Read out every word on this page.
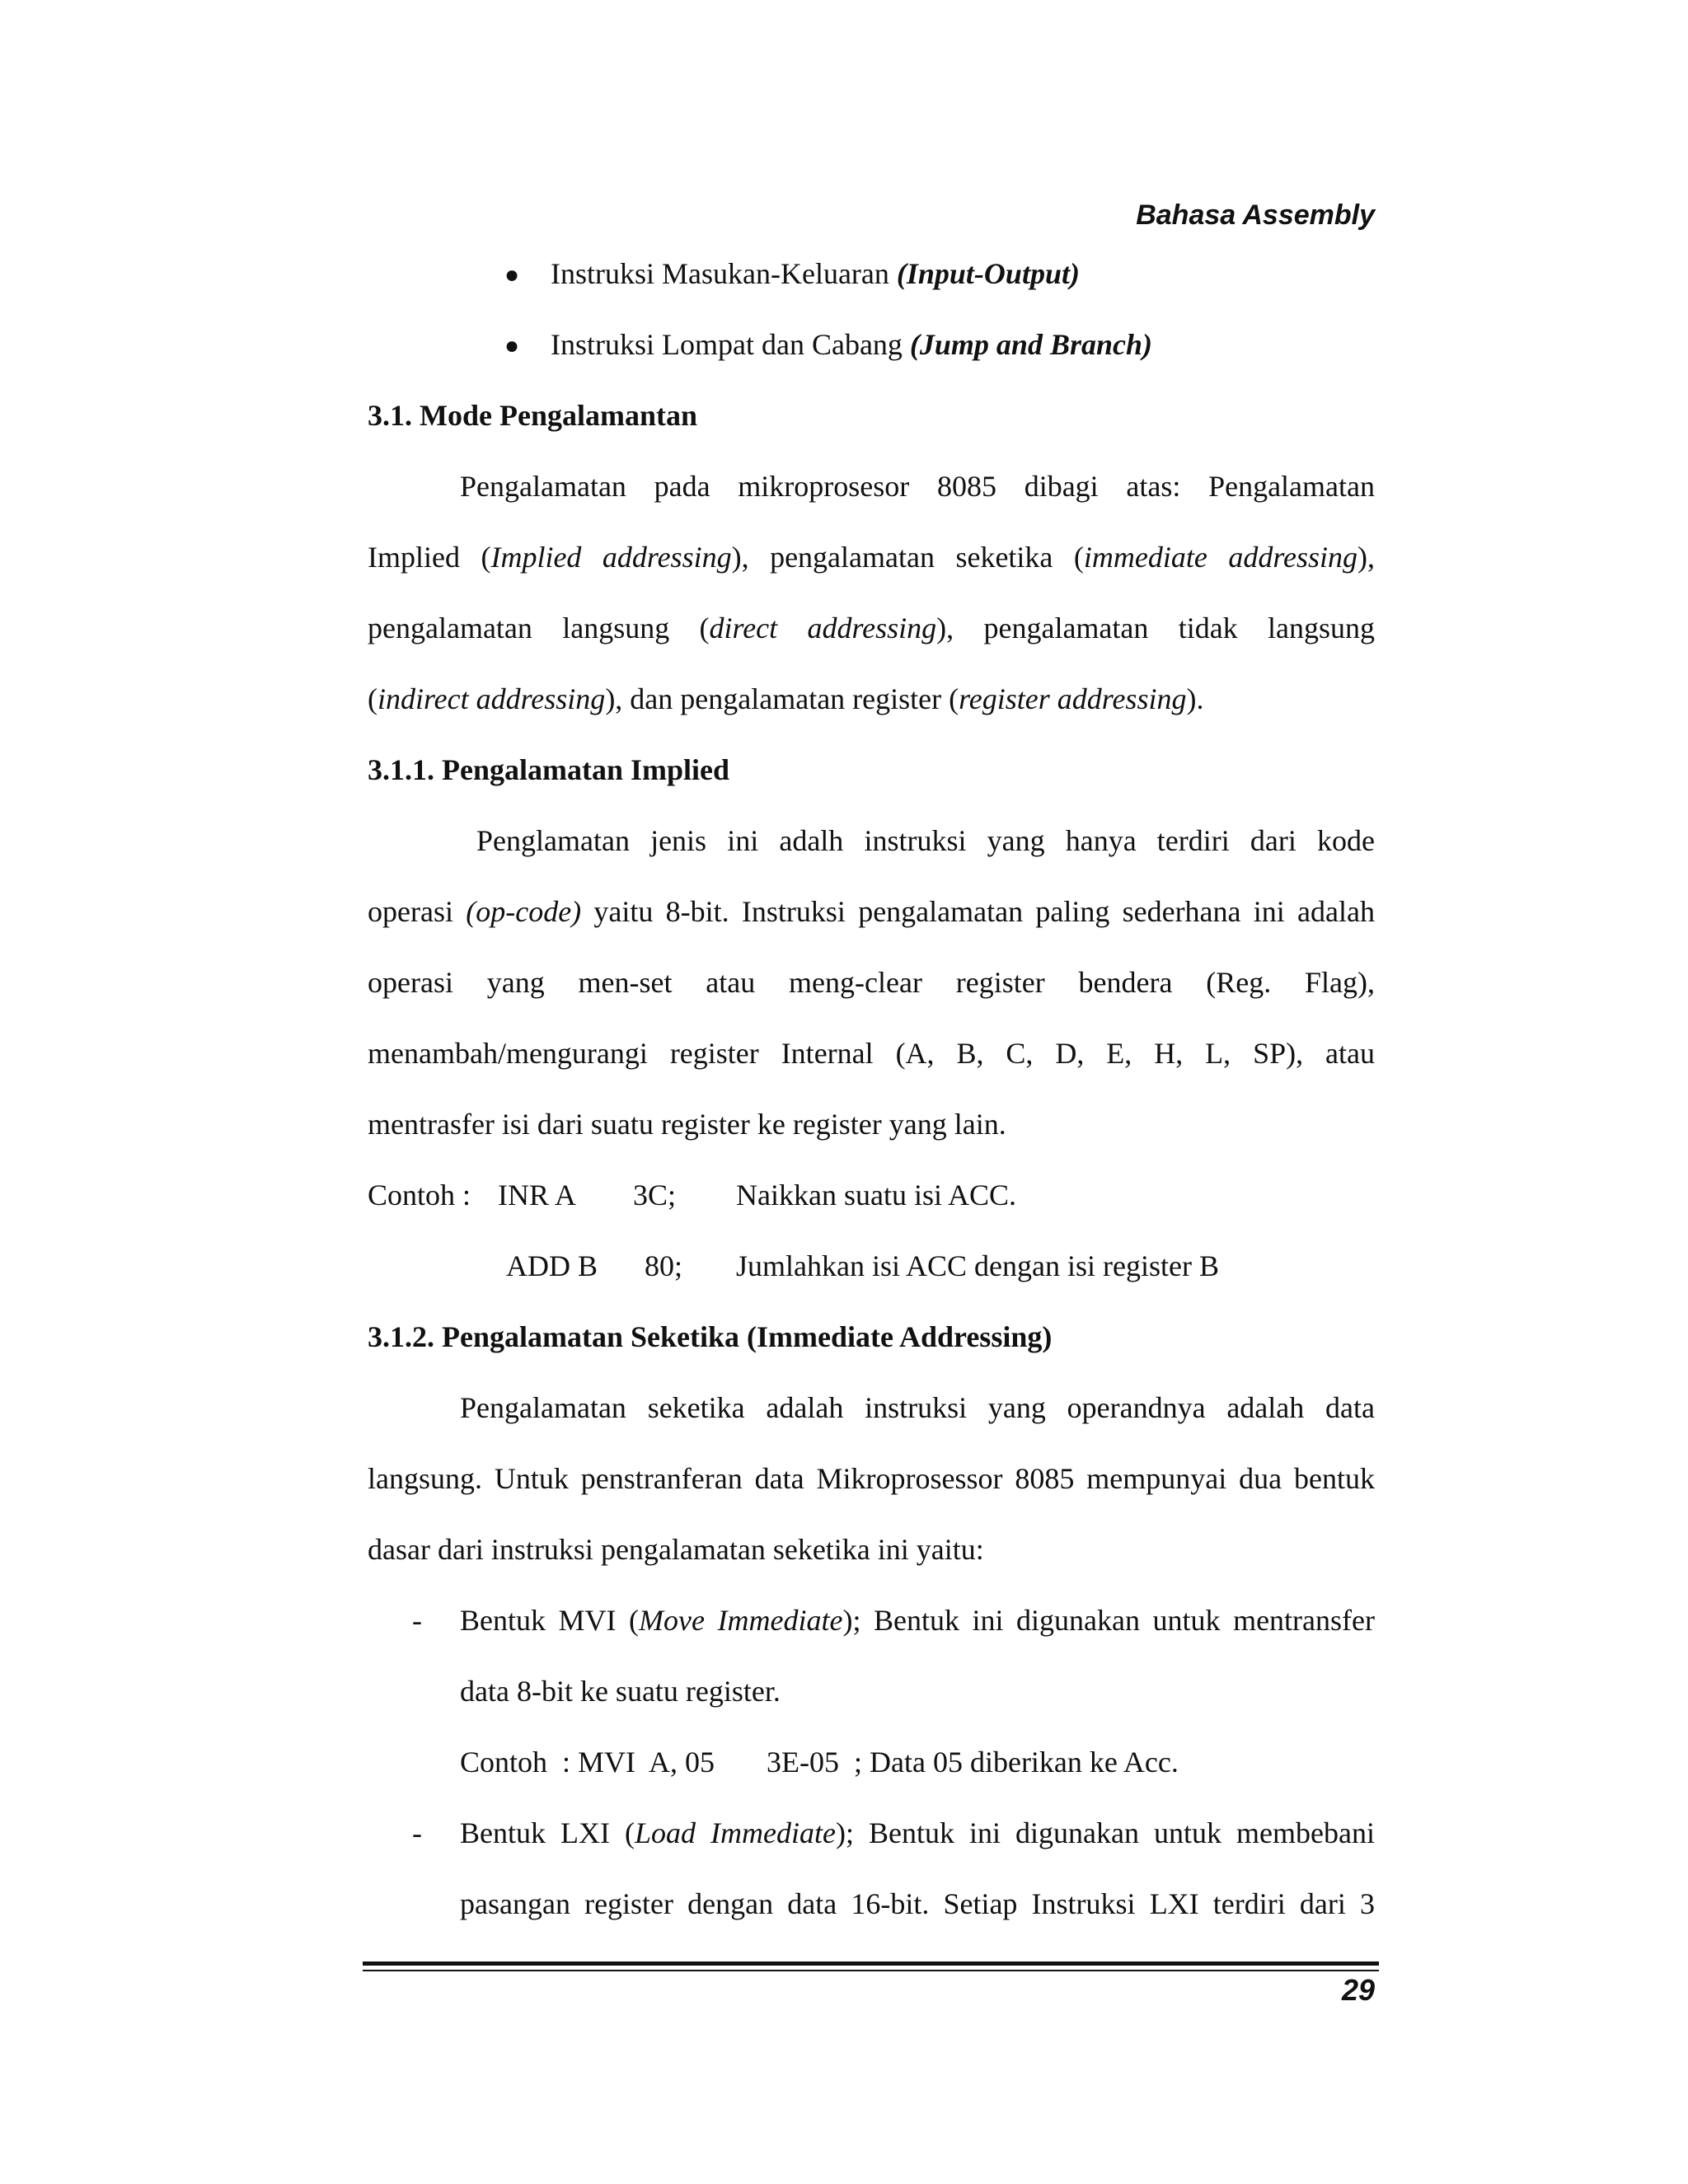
Bahasa Assembly
● Instruksi Masukan-Keluaran (Input-Output)
● Instruksi Lompat dan Cabang (Jump and Branch)
3.1. Mode Pengalamantan
Pengalamatan pada mikroprosesor 8085 dibagi atas: Pengalamatan
Implied (Implied addressing), pengalamatan seketika (immediate addressing),
pengalamatan langsung (direct addressing), pengalamatan tidak langsung
(indirect addressing), dan pengalamatan register (register addressing).
3.1.1. Pengalamatan Implied
Penglamatan jenis ini adalh instruksi yang hanya terdiri dari kode
operasi (op-code) yaitu 8-bit. Instruksi pengalamatan paling sederhana ini adalah
operasi yang men-set atau meng-clear register bendera (Reg. Flag),
menambah/mengurangi register Internal (A, B, C, D, E, H, L, SP), atau
mentrasfer isi dari suatu register ke register yang lain.
Contoh : INR A 3C; Naikkan suatu isi ACC.
ADD B 80; Jumlahkan isi ACC dengan isi register B
3.1.2. Pengalamatan Seketika (Immediate Addressing)
Pengalamatan seketika adalah instruksi yang operandnya adalah data
langsung. Untuk penstranferan data Mikroprosessor 8085 mempunyai dua bentuk
dasar dari instruksi pengalamatan seketika ini yaitu:
- Bentuk MVI (Move Immediate); Bentuk ini digunakan untuk mentransfer
data 8-bit ke suatu register.
Contoh  : MVI  A, 05       3E-05  ; Data 05 diberikan ke Acc.
- Bentuk LXI (Load Immediate); Bentuk ini digunakan untuk membebani
pasangan register dengan data 16-bit. Setiap Instruksi LXI terdiri dari 3
29
